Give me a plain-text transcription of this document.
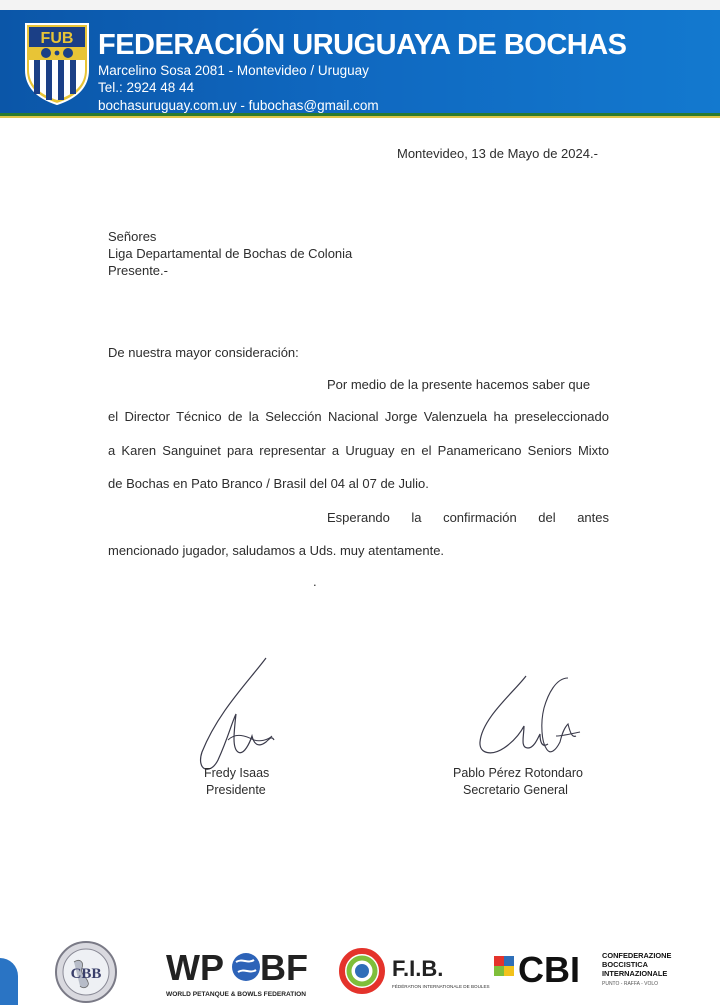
FUB FEDERACIÓN URUGUAYA DE BOCHAS
Marcelino Sosa 2081 - Montevideo / Uruguay
Tel.: 2924 48 44
bochasuruguay.com.uy - fubochas@gmail.com
Montevideo, 13 de Mayo de 2024.-
Señores
Liga Departamental de Bochas de Colonia
Presente.-
De nuestra mayor consideración:
Por medio de la presente hacemos saber que
el Director Técnico de la Selección Nacional Jorge Valenzuela ha preseleccionado
a Karen Sanguinet para representar a Uruguay en el Panamericano Seniors Mixto
de Bochas en Pato Branco / Brasil del 04 al 07 de Julio.
Esperando la confirmación del antes
mencionado jugador, saludamos a Uds. muy atentamente.
.
Fredy Isaas
Presidente
Pablo Pérez Rotondaro
Secretario General
CBB WP BF
WORLD PETANQUE & BOWLS FEDERATION
F.I.B.
FÉDÉRATION INTERNATIONALE DE BOULES CBI	CONFEDERAZIONE
BOCCISTICA
INTERNAZIONALE
PUNTO - RAFFA - VOLO
